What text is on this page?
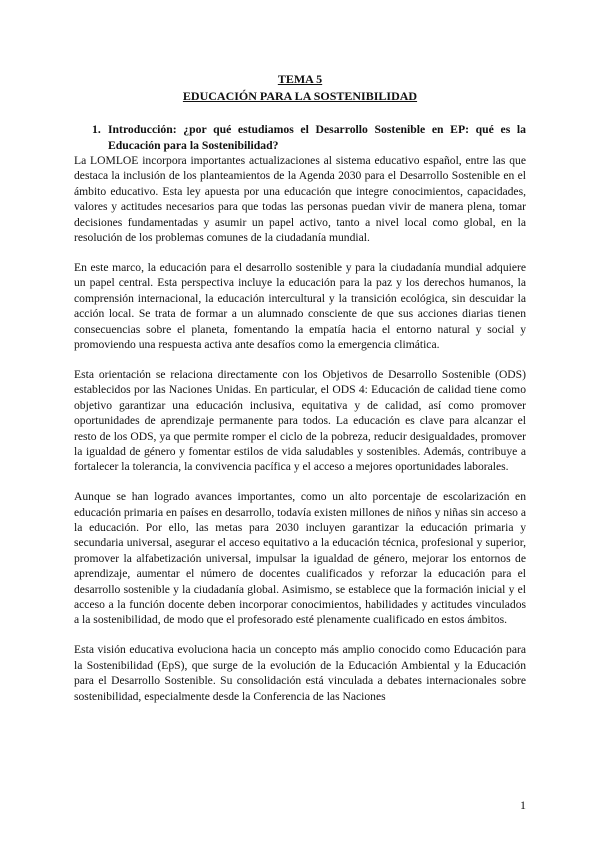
TEMA 5
EDUCACIÓN PARA LA SOSTENIBILIDAD
1. Introducción: ¿por qué estudiamos el Desarrollo Sostenible en EP: qué es la Educación para la Sostenibilidad?

La LOMLOE incorpora importantes actualizaciones al sistema educativo español, entre las que destaca la inclusión de los planteamientos de la Agenda 2030 para el Desarrollo Sostenible en el ámbito educativo. Esta ley apuesta por una educación que integre conocimientos, capacidades, valores y actitudes necesarios para que todas las personas puedan vivir de manera plena, tomar decisiones fundamentadas y asumir un papel activo, tanto a nivel local como global, en la resolución de los problemas comunes de la ciudadanía mundial.

En este marco, la educación para el desarrollo sostenible y para la ciudadanía mundial adquiere un papel central. Esta perspectiva incluye la educación para la paz y los derechos humanos, la comprensión internacional, la educación intercultural y la transición ecológica, sin descuidar la acción local. Se trata de formar a un alumnado consciente de que sus acciones diarias tienen consecuencias sobre el planeta, fomentando la empatía hacia el entorno natural y social y promoviendo una respuesta activa ante desafíos como la emergencia climática.

Esta orientación se relaciona directamente con los Objetivos de Desarrollo Sostenible (ODS) establecidos por las Naciones Unidas. En particular, el ODS 4: Educación de calidad tiene como objetivo garantizar una educación inclusiva, equitativa y de calidad, así como promover oportunidades de aprendizaje permanente para todos. La educación es clave para alcanzar el resto de los ODS, ya que permite romper el ciclo de la pobreza, reducir desigualdades, promover la igualdad de género y fomentar estilos de vida saludables y sostenibles. Además, contribuye a fortalecer la tolerancia, la convivencia pacífica y el acceso a mejores oportunidades laborales.

Aunque se han logrado avances importantes, como un alto porcentaje de escolarización en educación primaria en países en desarrollo, todavía existen millones de niños y niñas sin acceso a la educación. Por ello, las metas para 2030 incluyen garantizar la educación primaria y secundaria universal, asegurar el acceso equitativo a la educación técnica, profesional y superior, promover la alfabetización universal, impulsar la igualdad de género, mejorar los entornos de aprendizaje, aumentar el número de docentes cualificados y reforzar la educación para el desarrollo sostenible y la ciudadanía global. Asimismo, se establece que la formación inicial y el acceso a la función docente deben incorporar conocimientos, habilidades y actitudes vinculados a la sostenibilidad, de modo que el profesorado esté plenamente cualificado en estos ámbitos.

Esta visión educativa evoluciona hacia un concepto más amplio conocido como Educación para la Sostenibilidad (EpS), que surge de la evolución de la Educación Ambiental y la Educación para el Desarrollo Sostenible. Su consolidación está vinculada a debates internacionales sobre sostenibilidad, especialmente desde la Conferencia de las Naciones

1
